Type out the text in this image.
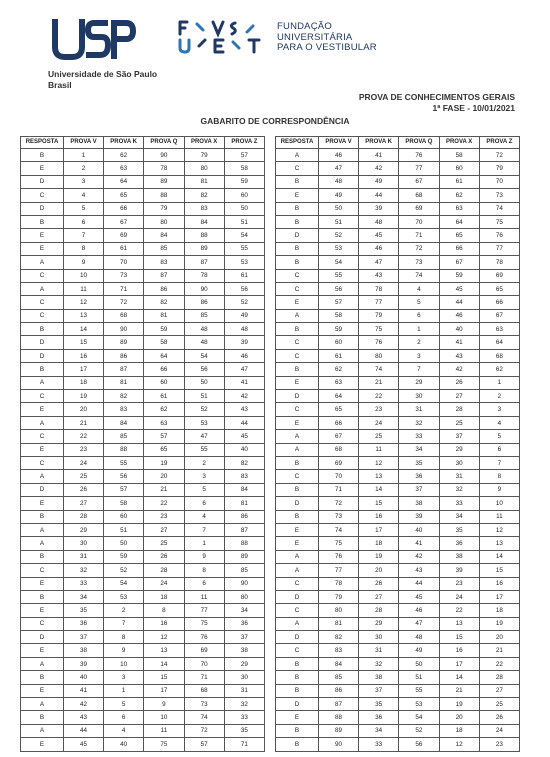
FUNDAÇÃO
UNIVERSITÁRIA
PARA O VESTIBULAR
Universidade de São Paulo
Brasil
PROVA DE CONHECIMENTOS GERAIS
1ª FASE - 10/01/2021
GABARITO DE CORRESPONDÊNCIA
RESPOSTA	PROVA V	PROVA K	PROVA Q	PROVA X	PROVA Z
B	1	62	90	79	57
E	2	63	78	80	58
D	3	64	89	81	59
C	4	65	88	82	60
D	5	66	79	83	50
B	6	67	80	84	51
E	7	69	84	88	54
E	8	61	85	89	55
A	9	70	83	87	53
C	10	73	87	78	61
A	11	71	86	90	56
C	12	72	82	86	52
C	13	68	81	85	49
B	14	90	59	48	48
D	15	89	58	48	39
D	16	86	64	54	46
B	17	87	66	56	47
A	18	81	60	50	41
C	19	82	61	51	42
E	20	83	62	52	43
A	21	84	63	53	44
C	22	85	57	47	45
E	23	88	65	55	40
C	24	55	19	2	82
A	25	56	20	3	83
D	26	57	21	5	84
E	27	58	22	6	81
B	28	60	23	4	86
A	29	51	27	7	87
A	30	50	25	1	88
B	31	59	26	9	89
C	32	52	28	8	85
E	33	54	24	6	90
B	34	53	18	11	80
E	35	2	8	77	34
C	36	7	16	75	36
D	37	8	12	76	37
E	38	9	13	69	38
A	39	10	14	70	29
B	40	3	15	71	30
E	41	1	17	68	31
A	42	5	9	73	32
B	43	6	10	74	33
A	44	4	11	72	35
E	45	40	75	57	71
RESPOSTA	PROVA V	PROVA K	PROVA Q	PROVA X	PROVA Z
A	46	41	76	58	72
C	47	42	77	60	79
B	48	49	67	61	70
E	49	44	68	62	73
B	50	39	69	63	74
B	51	48	70	64	75
D	52	45	71	65	76
B	53	46	72	66	77
B	54	47	73	67	78
C	55	43	74	59	69
C	56	78	4	45	65
E	57	77	5	44	66
A	58	79	6	46	67
B	59	75	1	40	63
C	60	76	2	41	64
C	61	80	3	43	68
B	62	74	7	42	62
E	63	21	29	26	1
D	64	22	30	27	2
C	65	23	31	28	3
E	66	24	32	25	4
A	67	25	33	37	5
A	68	11	34	29	6
B	69	12	35	30	7
C	70	13	36	31	8
B	71	14	37	32	9
D	72	15	38	33	10
B	73	16	39	34	11
E	74	17	40	35	12
E	75	18	41	36	13
A	76	19	42	38	14
A	77	20	43	39	15
C	78	26	44	23	16
D	79	27	45	24	17
C	80	28	46	22	18
A	81	29	47	13	19
D	82	30	48	15	20
C	83	31	49	16	21
B	84	32	50	17	22
B	85	38	51	14	28
B	86	37	55	21	27
D	87	35	53	19	25
E	88	36	54	20	26
B	89	34	52	18	24
B	90	33	56	12	23
